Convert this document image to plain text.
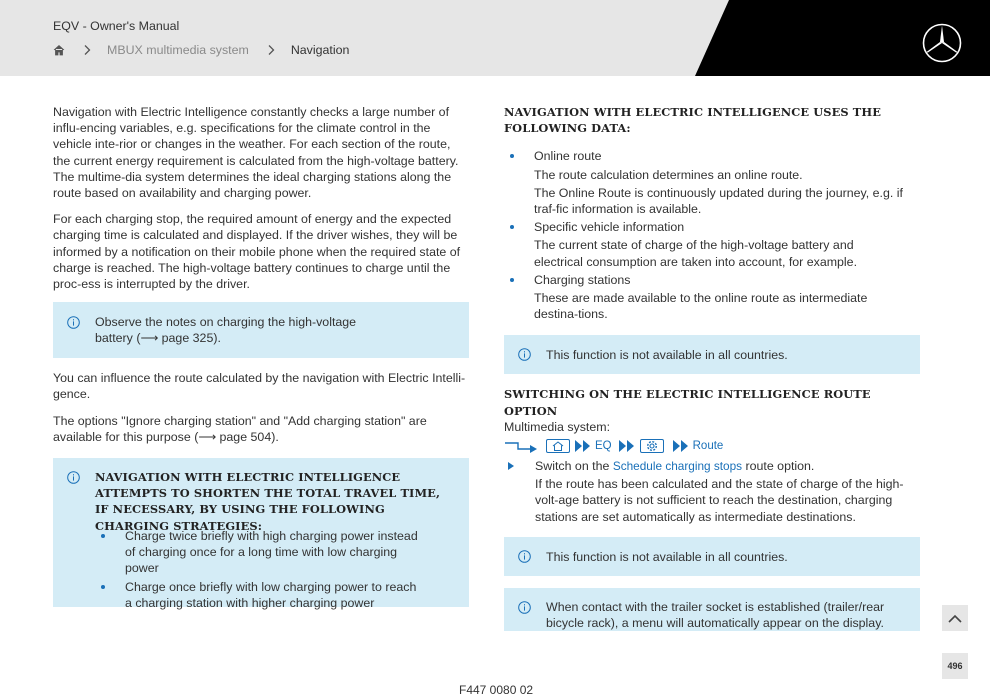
EQV - Owner's Manual
MBUX multimedia system	Navigation

Navigation with Electric Intelligence constantly checks a large number of influ-encing variables, e.g. specifications for the climate control in the vehicle inte-rior or changes in the weather. For each section of the route, the current energy requirement is calculated from the high-voltage battery. The multime-dia system determines the ideal charging stations along the route based on availability and charging power.

For each charging stop, the required amount of energy and the expected charging time is calculated and displayed. If the driver wishes, they will be informed by a notification on their mobile phone when the required state of charge is reached. The high-voltage battery continues to charge until the proc-ess is interrupted by the driver.

Observe the notes on charging the high-voltage battery (⟶ page 325).

You can influence the route calculated by the navigation with Electric Intelli-gence.

The options "Ignore charging station" and "Add charging station" are available for this purpose (⟶ page 504).

NAVIGATION WITH ELECTRIC INTELLIGENCE ATTEMPTS TO SHORTEN THE TOTAL TRAVEL TIME, IF NECESSARY, BY USING THE FOLLOWING CHARGING STRATEGIES:
Charge twice briefly with high charging power instead of charging once for a long time with low charging power
Charge once briefly with low charging power to reach a charging station with higher charging power
NAVIGATION WITH ELECTRIC INTELLIGENCE USES THE FOLLOWING DATA:
Online route
The route calculation determines an online route.
The Online Route is continuously updated during the journey, e.g. if traf-fic information is available.
Specific vehicle information
The current state of charge of the high-voltage battery and electrical consumption are taken into account, for example.
Charging stations
These are made available to the online route as intermediate destina-tions.

This function is not available in all countries.

SWITCHING ON THE ELECTRIC INTELLIGENCE ROUTE OPTION

Multimedia system:

EQ	Route

Switch on the Schedule charging stops route option.

If the route has been calculated and the state of charge of the high-volt-age battery is not sufficient to reach the destination, charging stations are set automatically as intermediate destinations.

This function is not available in all countries.

When contact with the trailer socket is established (trailer/rear bicycle rack), a menu will automatically appear on the display.

496
F447 0080 02
